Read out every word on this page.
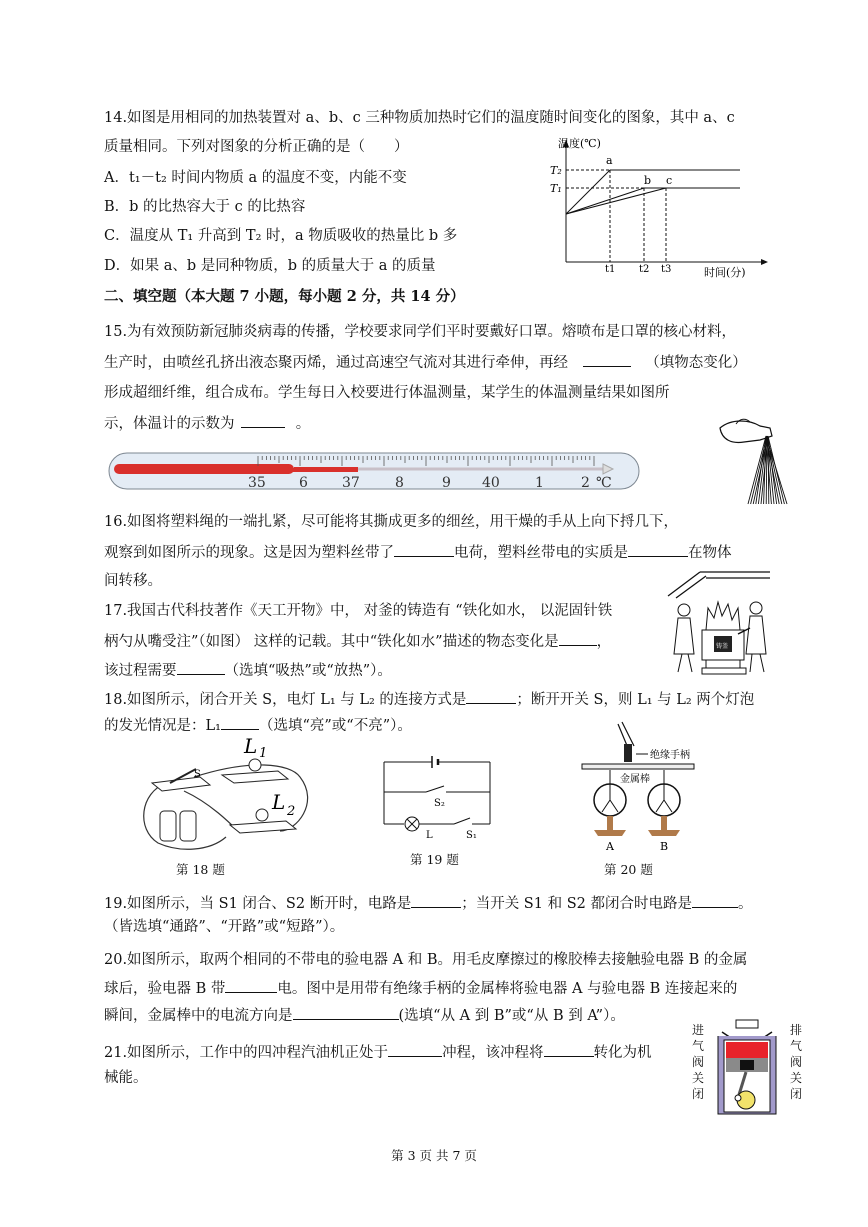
14.如图是用相同的加热装置对 a、b、c 三种物质加热时它们的温度随时间变化的图象，其中 a、c
质量相同。下列对图象的分析正确的是（　　）
A．t₁－t₂ 时间内物质 a 的温度不变，内能不变
B．b 的比热容大于 c 的比热容
C．温度从 T₁ 升高到 T₂ 时，a 物质吸收的热量比 b 多
D．如果 a、b 是同种物质，b 的质量大于 a 的质量
温度(℃)
时间(分)
T₂
T₁
a
b c
t1 t2 t3
二、填空题（本大题 7 小题，每小题 2 分，共 14 分）
15.为有效预防新冠肺炎病毒的传播，学校要求同学们平时要戴好口罩。熔喷布是口罩的核心材料，
生产时，由喷丝孔挤出液态聚丙烯，通过高速空气流对其进行牵伸，再经	（填物态变化）
形成超细纤维，组合成布。学生每日入校要进行体温测量，某学生的体温测量结果如图所
示，体温计的示数为	。
35 6 37	8	9 40	1	2 ℃
16.如图将塑料绳的一端扎紧，尽可能将其撕成更多的细丝，用干燥的手从上向下捋几下，
观察到如图所示的现象。这是因为塑料丝带了	电荷，塑料丝带电的实质是	在物体
间转移。
铸釜
17.我国古代科技著作《天工开物》中， 对釜的铸造有 “铁化如水， 以泥固针铁
柄勺从嘴受注”（如图） 这样的记载。其中“铁化如水”描述的物态变化是	，
该过程需要	（选填“吸热”或“放热”）。
18.如图所示，闭合开关 S，电灯 L₁ 与 L₂ 的连接方式是	；断开开关 S，则 L₁ 与 L₂ 两个灯泡
的发光情况是：L₁	（选填“亮”或“不亮”）。
S
L 1
L 2
第 18 题
S₂
L	S₁
第 19 题
绝缘手柄
金属棒
A	B
第 20 题
19.如图所示，当 S1 闭合、S2 断开时，电路是	；当开关 S1 和 S2 都闭合时电路是	。
（皆选填“通路”、“开路”或“短路”）。
20.如图所示，取两个相同的不带电的验电器 A 和 B。用毛皮摩擦过的橡胶棒去接触验电器 B 的金属
球后，验电器 B 带	电。图中是用带有绝缘手柄的金属棒将验电器 A 与验电器 B 连接起来的
瞬间，金属棒中的电流方向是	(选填“从 A 到 B”或“从 B 到 A”）。
21.如图所示，工作中的四冲程汽油机正处于	冲程，该冲程将	转化为机
械能。
进
气
阀
关
闭
排
气
阀
关
闭
第 3 页 共 7 页
